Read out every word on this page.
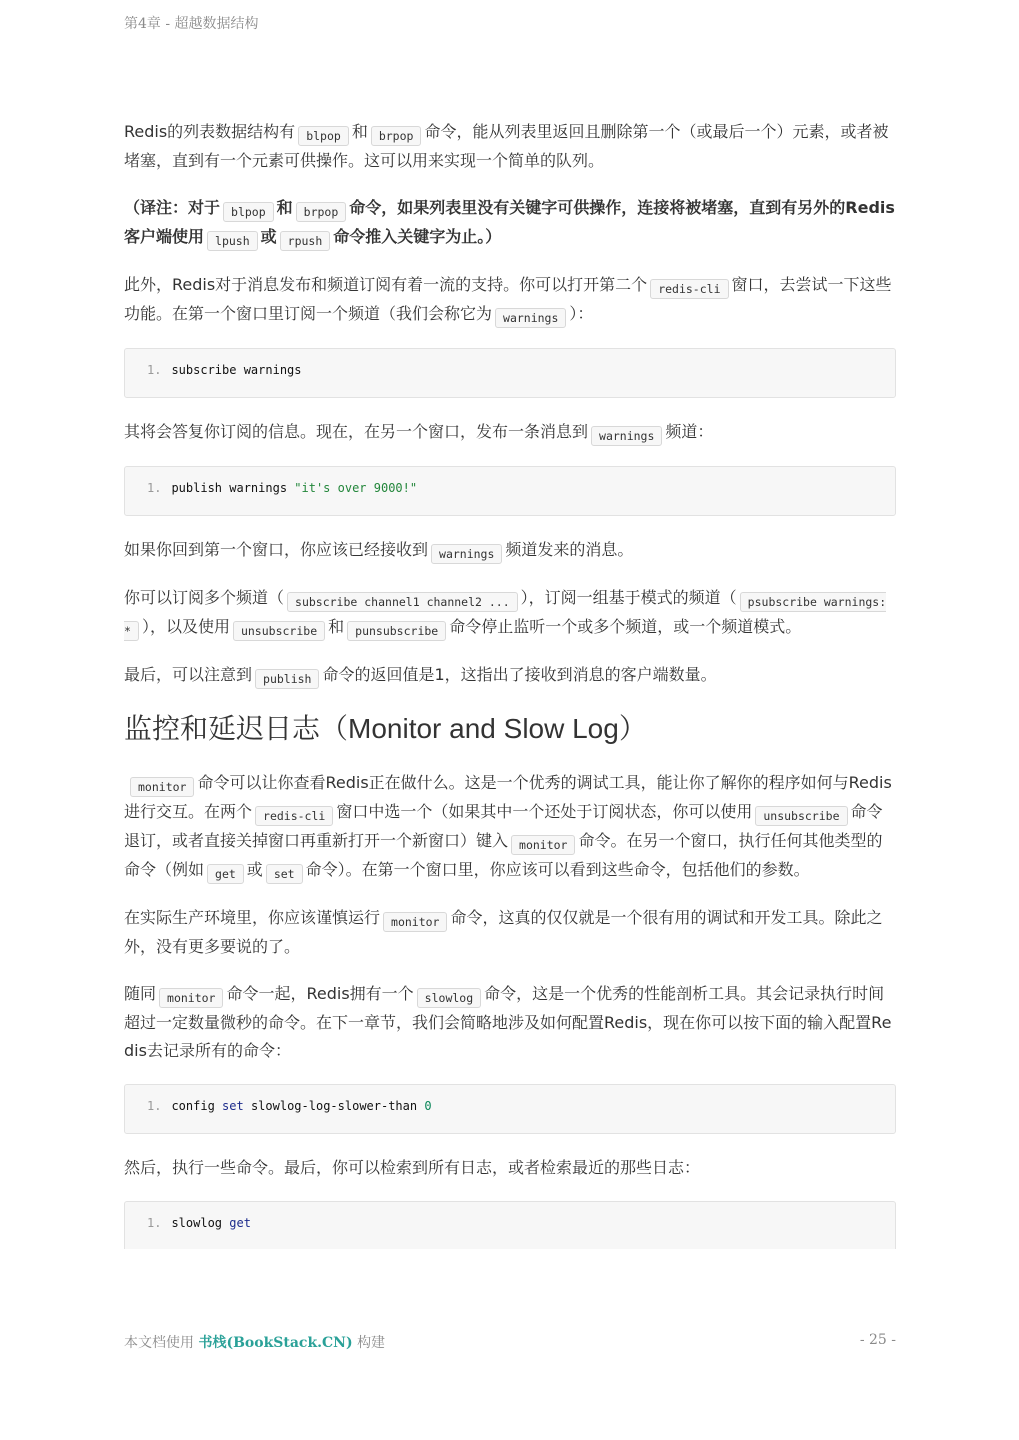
第4章 - 超越数据结构

Redis的列表数据结构有 blpop 和 brpop 命令，能从列表里返回且删除第一个（或最后一个）元素，或者被堵塞，直到有一个元素可供操作。这可以用来实现一个简单的队列。

（译注：对于 blpop 和 brpop 命令，如果列表里没有关键字可供操作，连接将被堵塞，直到有另外的Redis客户端使用 lpush 或 rpush 命令推入关键字为止。）

此外，Redis对于消息发布和频道订阅有着一流的支持。你可以打开第二个 redis-cli 窗口，去尝试一下这些功能。在第一个窗口里订阅一个频道（我们会称它为 warnings ）：

1. subscribe warnings

其将会答复你订阅的信息。现在，在另一个窗口，发布一条消息到 warnings 频道：

1. publish warnings "it's over 9000!"

如果你回到第一个窗口，你应该已经接收到 warnings 频道发来的消息。

你可以订阅多个频道（ subscribe channel1 channel2 ... ），订阅一组基于模式的频道（ psubscribe warnings:* ），以及使用 unsubscribe 和 punsubscribe 命令停止监听一个或多个频道，或一个频道模式。

最后，可以注意到 publish 命令的返回值是1，这指出了接收到消息的客户端数量。

监控和延迟日志（Monitor and Slow Log）

monitor 命令可以让你查看Redis正在做什么。这是一个优秀的调试工具，能让你了解你的程序如何与Redis进行交互。在两个 redis-cli 窗口中选一个（如果其中一个还处于订阅状态，你可以使用 unsubscribe 命令退订，或者直接关掉窗口再重新打开一个新窗口）键入 monitor 命令。在另一个窗口，执行任何其他类型的命令（例如 get 或 set 命令）。在第一个窗口里，你应该可以看到这些命令，包括他们的参数。

在实际生产环境里，你应该谨慎运行 monitor 命令，这真的仅仅就是一个很有用的调试和开发工具。除此之外，没有更多要说的了。

随同 monitor 命令一起，Redis拥有一个 slowlog 命令，这是一个优秀的性能剖析工具。其会记录执行时间超过一定数量微秒的命令。在下一章节，我们会简略地涉及如何配置Redis，现在你可以按下面的输入配置Redis去记录所有的命令：

1. config set slowlog-log-slower-than 0

然后，执行一些命令。最后，你可以检索到所有日志，或者检索最近的那些日志：

1. slowlog get
本文档使用 书栈(BookStack.CN) 构建	- 25 -
